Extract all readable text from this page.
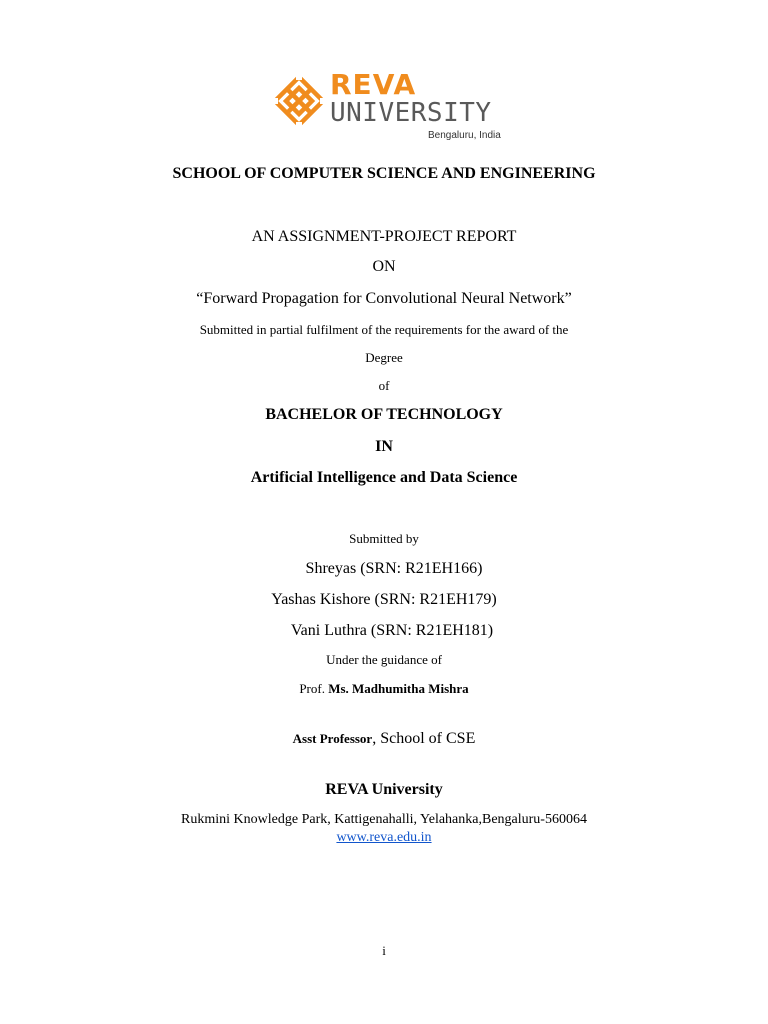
REVA
UNIVERSITY
Bengaluru, India
SCHOOL OF COMPUTER SCIENCE AND ENGINEERING
AN ASSIGNMENT-PROJECT REPORT
ON
“Forward Propagation for Convolutional Neural Network”
Submitted in partial fulfilment of the requirements for the award of the
Degree
of
BACHELOR OF TECHNOLOGY
IN
Artificial Intelligence and Data Science
Submitted by
Shreyas (SRN: R21EH166)
Yashas Kishore (SRN: R21EH179)
Vani Luthra (SRN: R21EH181)
Under the guidance of
Prof. Ms. Madhumitha Mishra
Asst Professor, School of CSE
REVA University
Rukmini Knowledge Park, Kattigenahalli, Yelahanka,Bengaluru-560064
www.reva.edu.in
i
